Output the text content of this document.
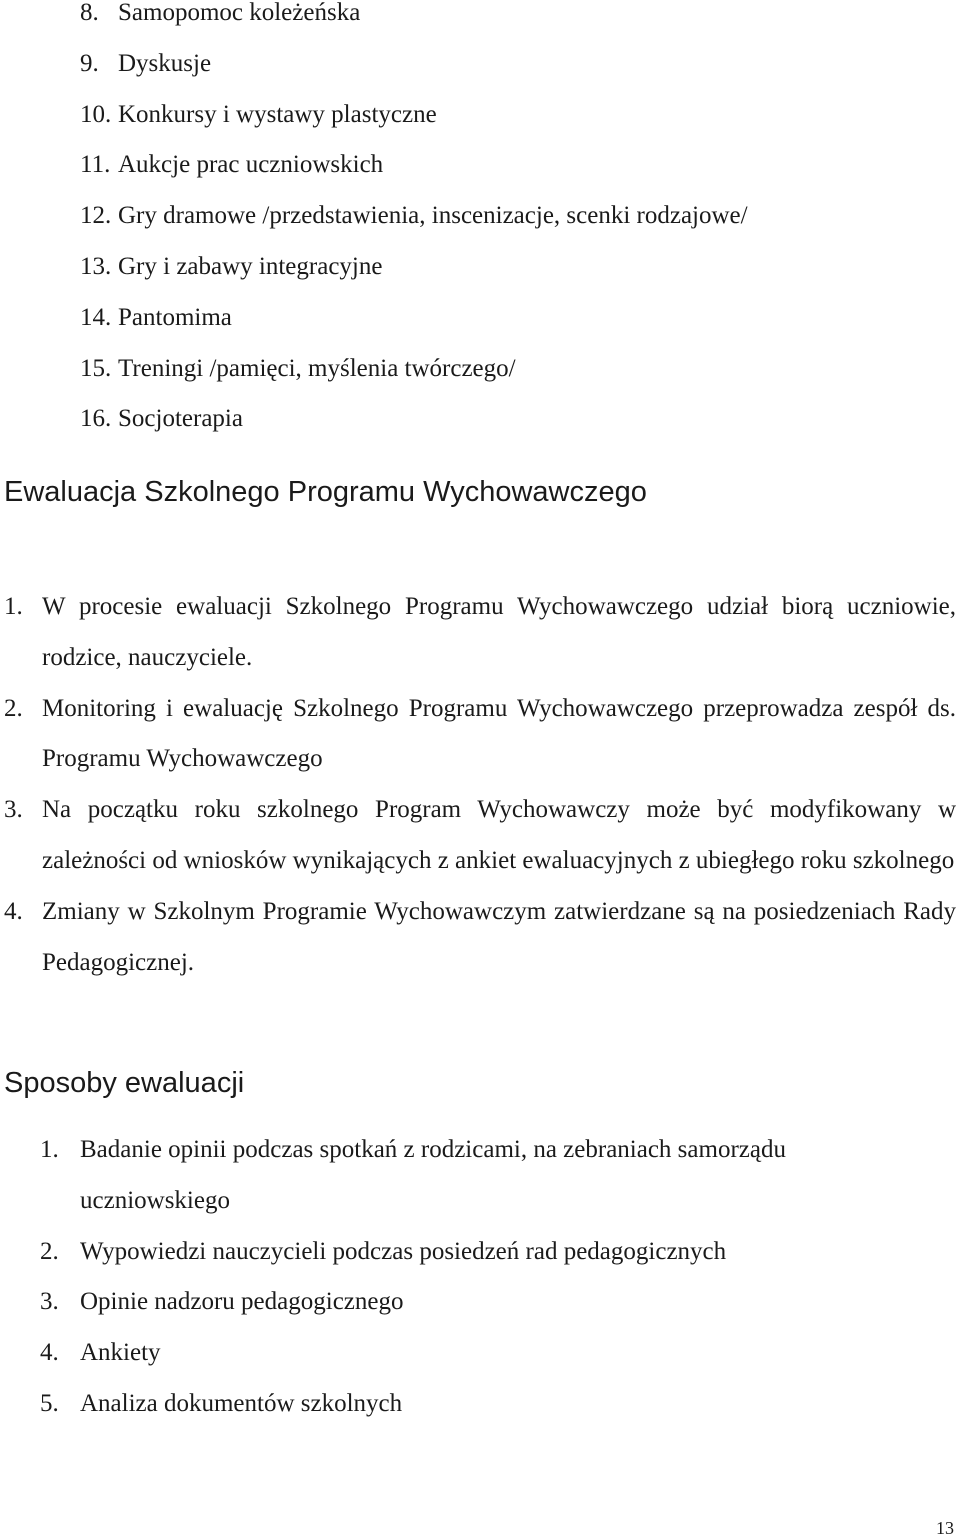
8. Samopomoc koleżeńska
9. Dyskusje
10. Konkursy i wystawy plastyczne
11. Aukcje prac uczniowskich
12. Gry dramowe /przedstawienia, inscenizacje, scenki rodzajowe/
13. Gry i zabawy integracyjne
14. Pantomima
15. Treningi /pamięci, myślenia twórczego/
16. Socjoterapia
Ewaluacja Szkolnego Programu Wychowawczego
1. W procesie ewaluacji Szkolnego Programu Wychowawczego udział biorą uczniowie, rodzice, nauczyciele.
2. Monitoring i ewaluację Szkolnego Programu Wychowawczego przeprowadza zespół ds. Programu Wychowawczego
3. Na początku roku szkolnego Program Wychowawczy może być modyfikowany w zależności od wniosków wynikających z ankiet ewaluacyjnych z ubiegłego roku szkolnego
4. Zmiany w Szkolnym Programie Wychowawczym zatwierdzane są na posiedzeniach Rady Pedagogicznej.
Sposoby ewaluacji
1. Badanie opinii podczas spotkań z rodzicami, na zebraniach samorządu uczniowskiego
2. Wypowiedzi nauczycieli podczas posiedzeń rad pedagogicznych
3. Opinie nadzoru pedagogicznego
4. Ankiety
5. Analiza dokumentów szkolnych
13
